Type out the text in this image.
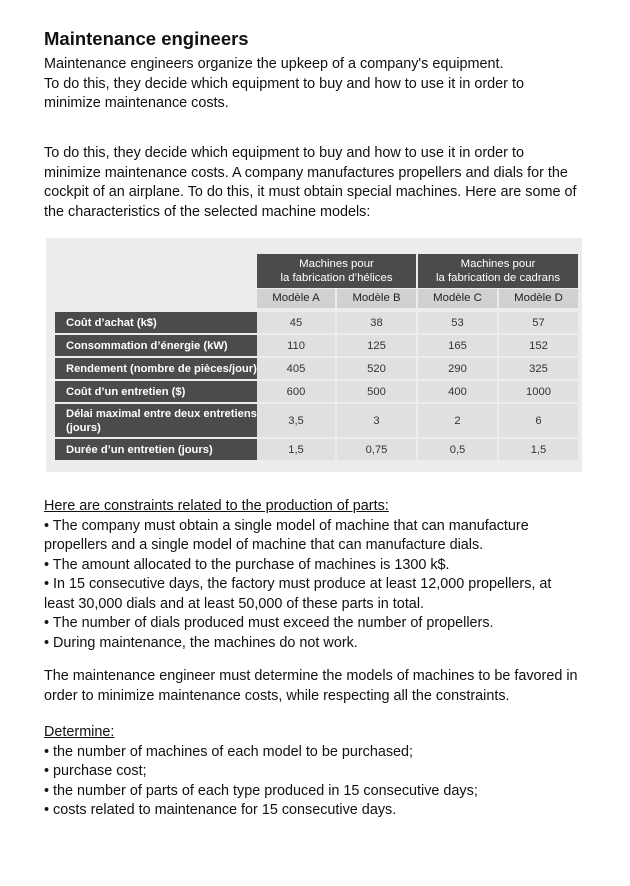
Maintenance engineers

Maintenance engineers organize the upkeep of a company's equipment.
To do this, they decide which equipment to buy and how to use it in order to
minimize maintenance costs.

To do this, they decide which equipment to buy and how to use it in order to
minimize maintenance costs. A company manufactures propellers and dials for the
cockpit of an airplane. To do this, it must obtain special machines. Here are some of
the characteristics of the selected machine models:

Machines pour
la fabrication d’hélices
Machines pour
la fabrication de cadrans
Modèle A	Modèle B	Modèle C	Modèle D
Coût d’achat (k$)	45	38	53	57
Consommation d’énergie (kW)	110	125	165	152
Rendement (nombre de pièces/jour)	405	520	290	325
Coût d’un entretien ($)	600	500	400	1000
Délai maximal entre deux entretiens
(jours)
3,5	3	2	6
Durée d’un entretien (jours)	1,5	0,75	0,5	1,5

Here are constraints related to the production of parts:
• The company must obtain a single model of machine that can manufacture
propellers and a single model of machine that can manufacture dials.
• The amount allocated to the purchase of machines is 1300 k$.
• In 15 consecutive days, the factory must produce at least 12,000 propellers, at
least 30,000 dials and at least 50,000 of these parts in total.
• The number of dials produced must exceed the number of propellers.
• During maintenance, the machines do not work.

The maintenance engineer must determine the models of machines to be favored in
order to minimize maintenance costs, while respecting all the constraints.

Determine:
• the number of machines of each model to be purchased;
• purchase cost;
• the number of parts of each type produced in 15 consecutive days;
• costs related to maintenance for 15 consecutive days.
